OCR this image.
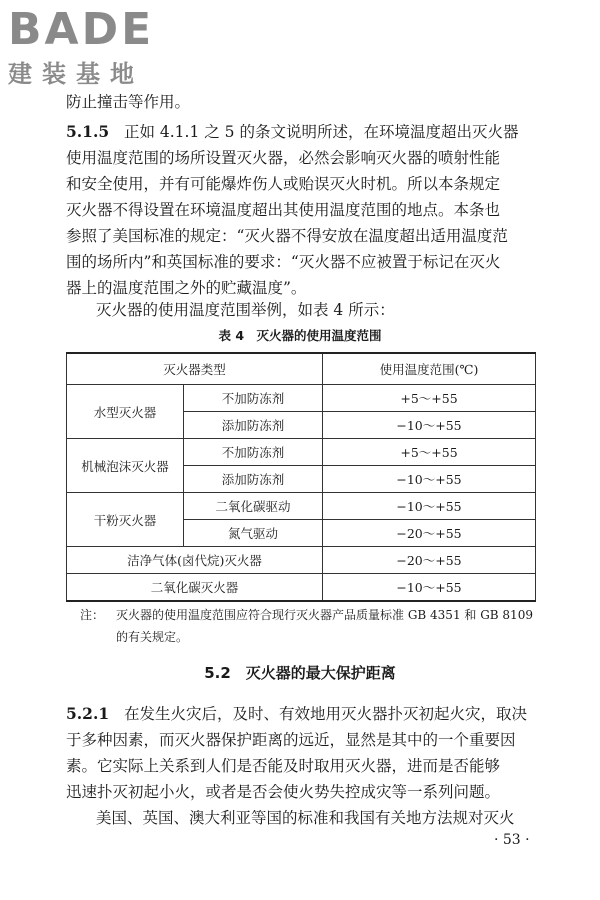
BADE
建装基地
防止撞击等作用。
5.1.5 正如 4.1.1 之 5 的条文说明所述，在环境温度超出灭火器
使用温度范围的场所设置灭火器，必然会影响灭火器的喷射性能
和安全使用，并有可能爆炸伤人或贻误灭火时机。所以本条规定
灭火器不得设置在环境温度超出其使用温度范围的地点。本条也
参照了美国标准的规定：“灭火器不得安放在温度超出适用温度范
围的场所内”和英国标准的要求：“灭火器不应被置于标记在灭火
器上的温度范围之外的贮藏温度”。
灭火器的使用温度范围举例，如表 4 所示：
表 4　灭火器的使用温度范围
灭火器类型		使用温度范围(℃)
水型灭火器	不加防冻剂	+5～+55
	添加防冻剂	−10～+55
机械泡沫灭火器	不加防冻剂	+5～+55
	添加防冻剂	−10～+55
干粉灭火器	二氧化碳驱动	−10～+55
	氮气驱动	−20～+55
洁净气体(卤代烷)灭火器		−20～+55
二氧化碳灭火器		−10～+55
注： 灭火器的使用温度范围应符合现行灭火器产品质量标准 GB 4351 和 GB 8109
的有关规定。
5.2　灭火器的最大保护距离
5.2.1 在发生火灾后，及时、有效地用灭火器扑灭初起火灾，取决
于多种因素，而灭火器保护距离的远近，显然是其中的一个重要因
素。它实际上关系到人们是否能及时取用灭火器，进而是否能够
迅速扑灭初起小火，或者是否会使火势失控成灾等一系列问题。
美国、英国、澳大利亚等国的标准和我国有关地方法规对灭火
· 53 ·
